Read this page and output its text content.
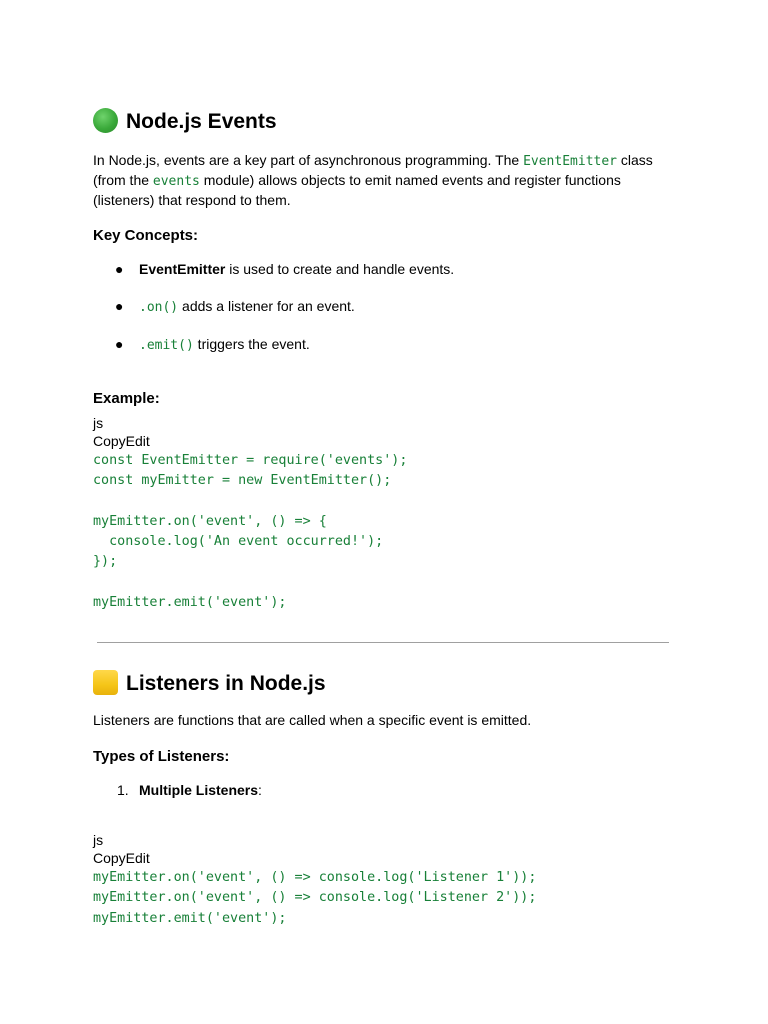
Node.js Events
In Node.js, events are a key part of asynchronous programming. The EventEmitter class (from the events module) allows objects to emit named events and register functions (listeners) that respond to them.
Key Concepts:
● EventEmitter is used to create and handle events.
● .on() adds a listener for an event.
● .emit() triggers the event.
Example:
js
CopyEdit
const EventEmitter = require('events');
const myEmitter = new EventEmitter();

myEmitter.on('event', () => {
console.log('An event occurred!');
});

myEmitter.emit('event');
Listeners in Node.js
Listeners are functions that are called when a specific event is emitted.
Types of Listeners:
1. Multiple Listeners:
js
CopyEdit
myEmitter.on('event', () => console.log('Listener 1'));
myEmitter.on('event', () => console.log('Listener 2'));
myEmitter.emit('event');
